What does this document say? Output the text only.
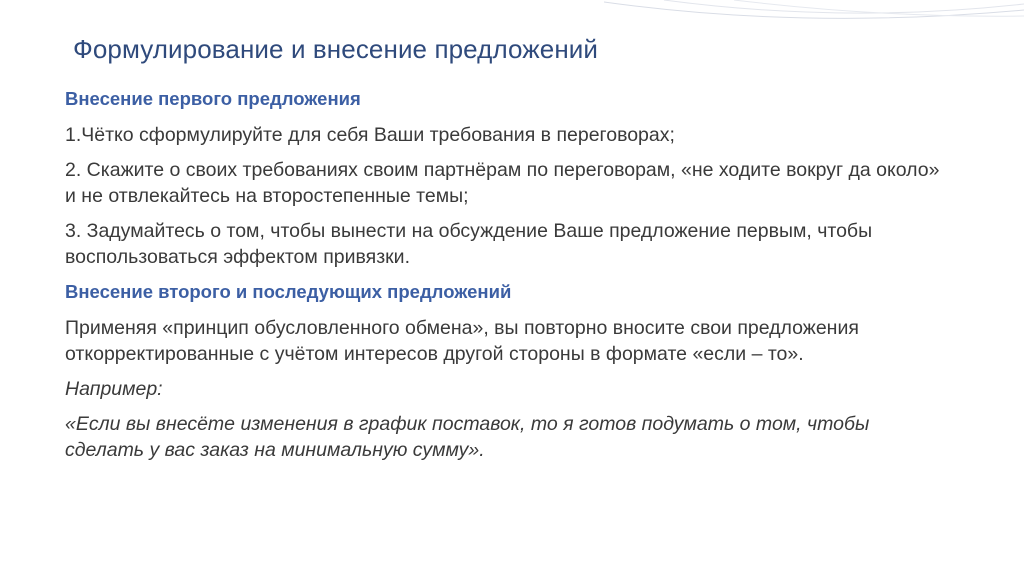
Формулирование и внесение предложений
Внесение первого предложения

1.Чётко сформулируйте для себя Ваши требования в переговорах;

2. Скажите о своих требованиях своим партнёрам по переговорам, «не ходите вокруг да около» и не отвлекайтесь на второстепенные темы;

3. Задумайтесь о том, чтобы вынести на обсуждение Ваше предложение первым, чтобы воспользоваться эффектом привязки.

Внесение второго и последующих предложений

Применяя «принцип обусловленного обмена», вы повторно вносите свои предложения откорректированные с учётом интересов другой стороны в формате «если – то».

Например:

«Если вы внесёте изменения в график поставок, то я готов подумать о том, чтобы сделать у вас заказ на минимальную сумму».
